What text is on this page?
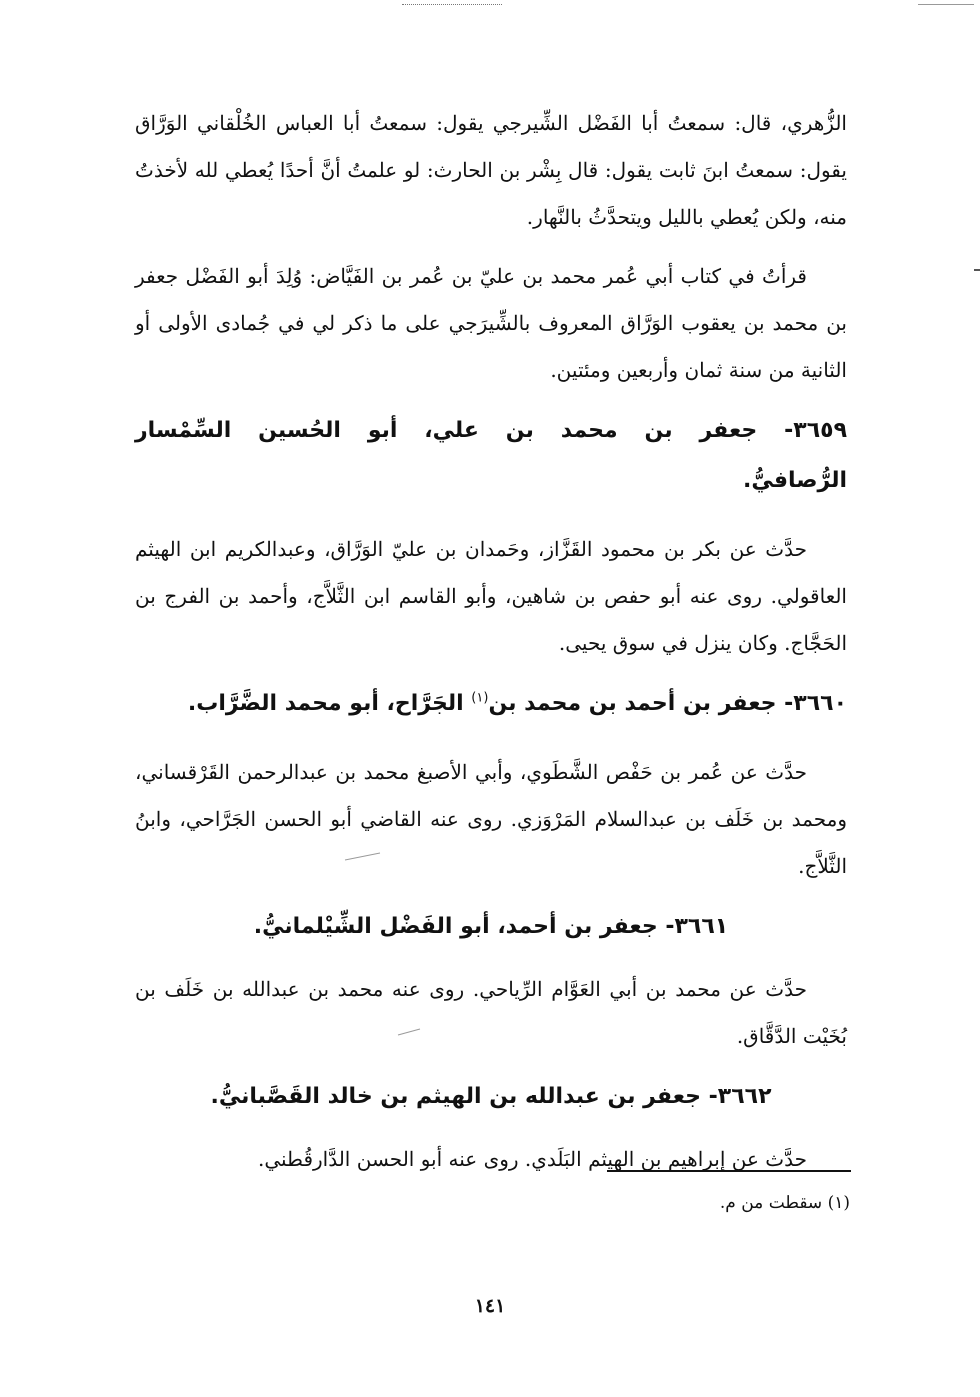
الزُّهري، قال: سمعتُ أبا الفَضْل الشِّيرجي يقول: سمعتُ أبا العباس الخُلْقاني الوَرَّاق يقول: سمعتُ ابنَ ثابت يقول: قال بِشْر بن الحارث: لو علمتُ أنَّ أحدًا يُعطي لله لأخذتُ منه، ولكن يُعطي بالليل ويتحدَّثُ بالنَّهار.

قرأتُ في كتاب أبي عُمر محمد بن عليّ بن عُمر بن الفَيَّاض: وُلِدَ أبو الفَضْل جعفر بن محمد بن يعقوب الوَرَّاق المعروف بالشِّيرَجي على ما ذكر لي في جُمادى الأولى أو الثانية من سنة ثمان وأربعين ومئتين.

٣٦٥٩- جعفر بن محمد بن علي، أبو الحُسين السِّمْسار الرُّصافيُّ.

حدَّث عن بكر بن محمود القَزَّاز، وحَمدان بن عليّ الوَرَّاق، وعبدالكريم ابن الهيثم العاقولي. روى عنه أبو حفص بن شاهين، وأبو القاسم ابن الثَّلاَّج، وأحمد بن الفرج بن الحَجَّاج. وكان ينزل في سوق يحيى.

٣٦٦٠- جعفر بن أحمد بن محمد بن$^{(١)}$ الجَرَّاح، أبو محمد الضَّرَّاب.

حدَّث عن عُمر بن حَفْص الشَّطَوي، وأبي الأصبغ محمد بن عبدالرحمن القَرْقساني، ومحمد بن خَلَف بن عبدالسلام المَرْوَزي. روى عنه القاضي أبو الحسن الجَرَّاحي، وابنُ الثَّلاَّج.

٣٦٦١- جعفر بن أحمد، أبو الفَضْل الشِّيْلمانيُّ.

حدَّث عن محمد بن أبي العَوَّام الرِّياحي. روى عنه محمد بن عبدالله بن خَلَف بن بُخَيْت الدَّقَّاق.

٣٦٦٢- جعفر بن عبدالله بن الهيثم بن خالد القَصَّبانيُّ.

حدَّث عن إبراهيم بن الهيثم البَلَدي. روى عنه أبو الحسن الدَّارقُطني.

(١) سقطت من م.
١٤١
